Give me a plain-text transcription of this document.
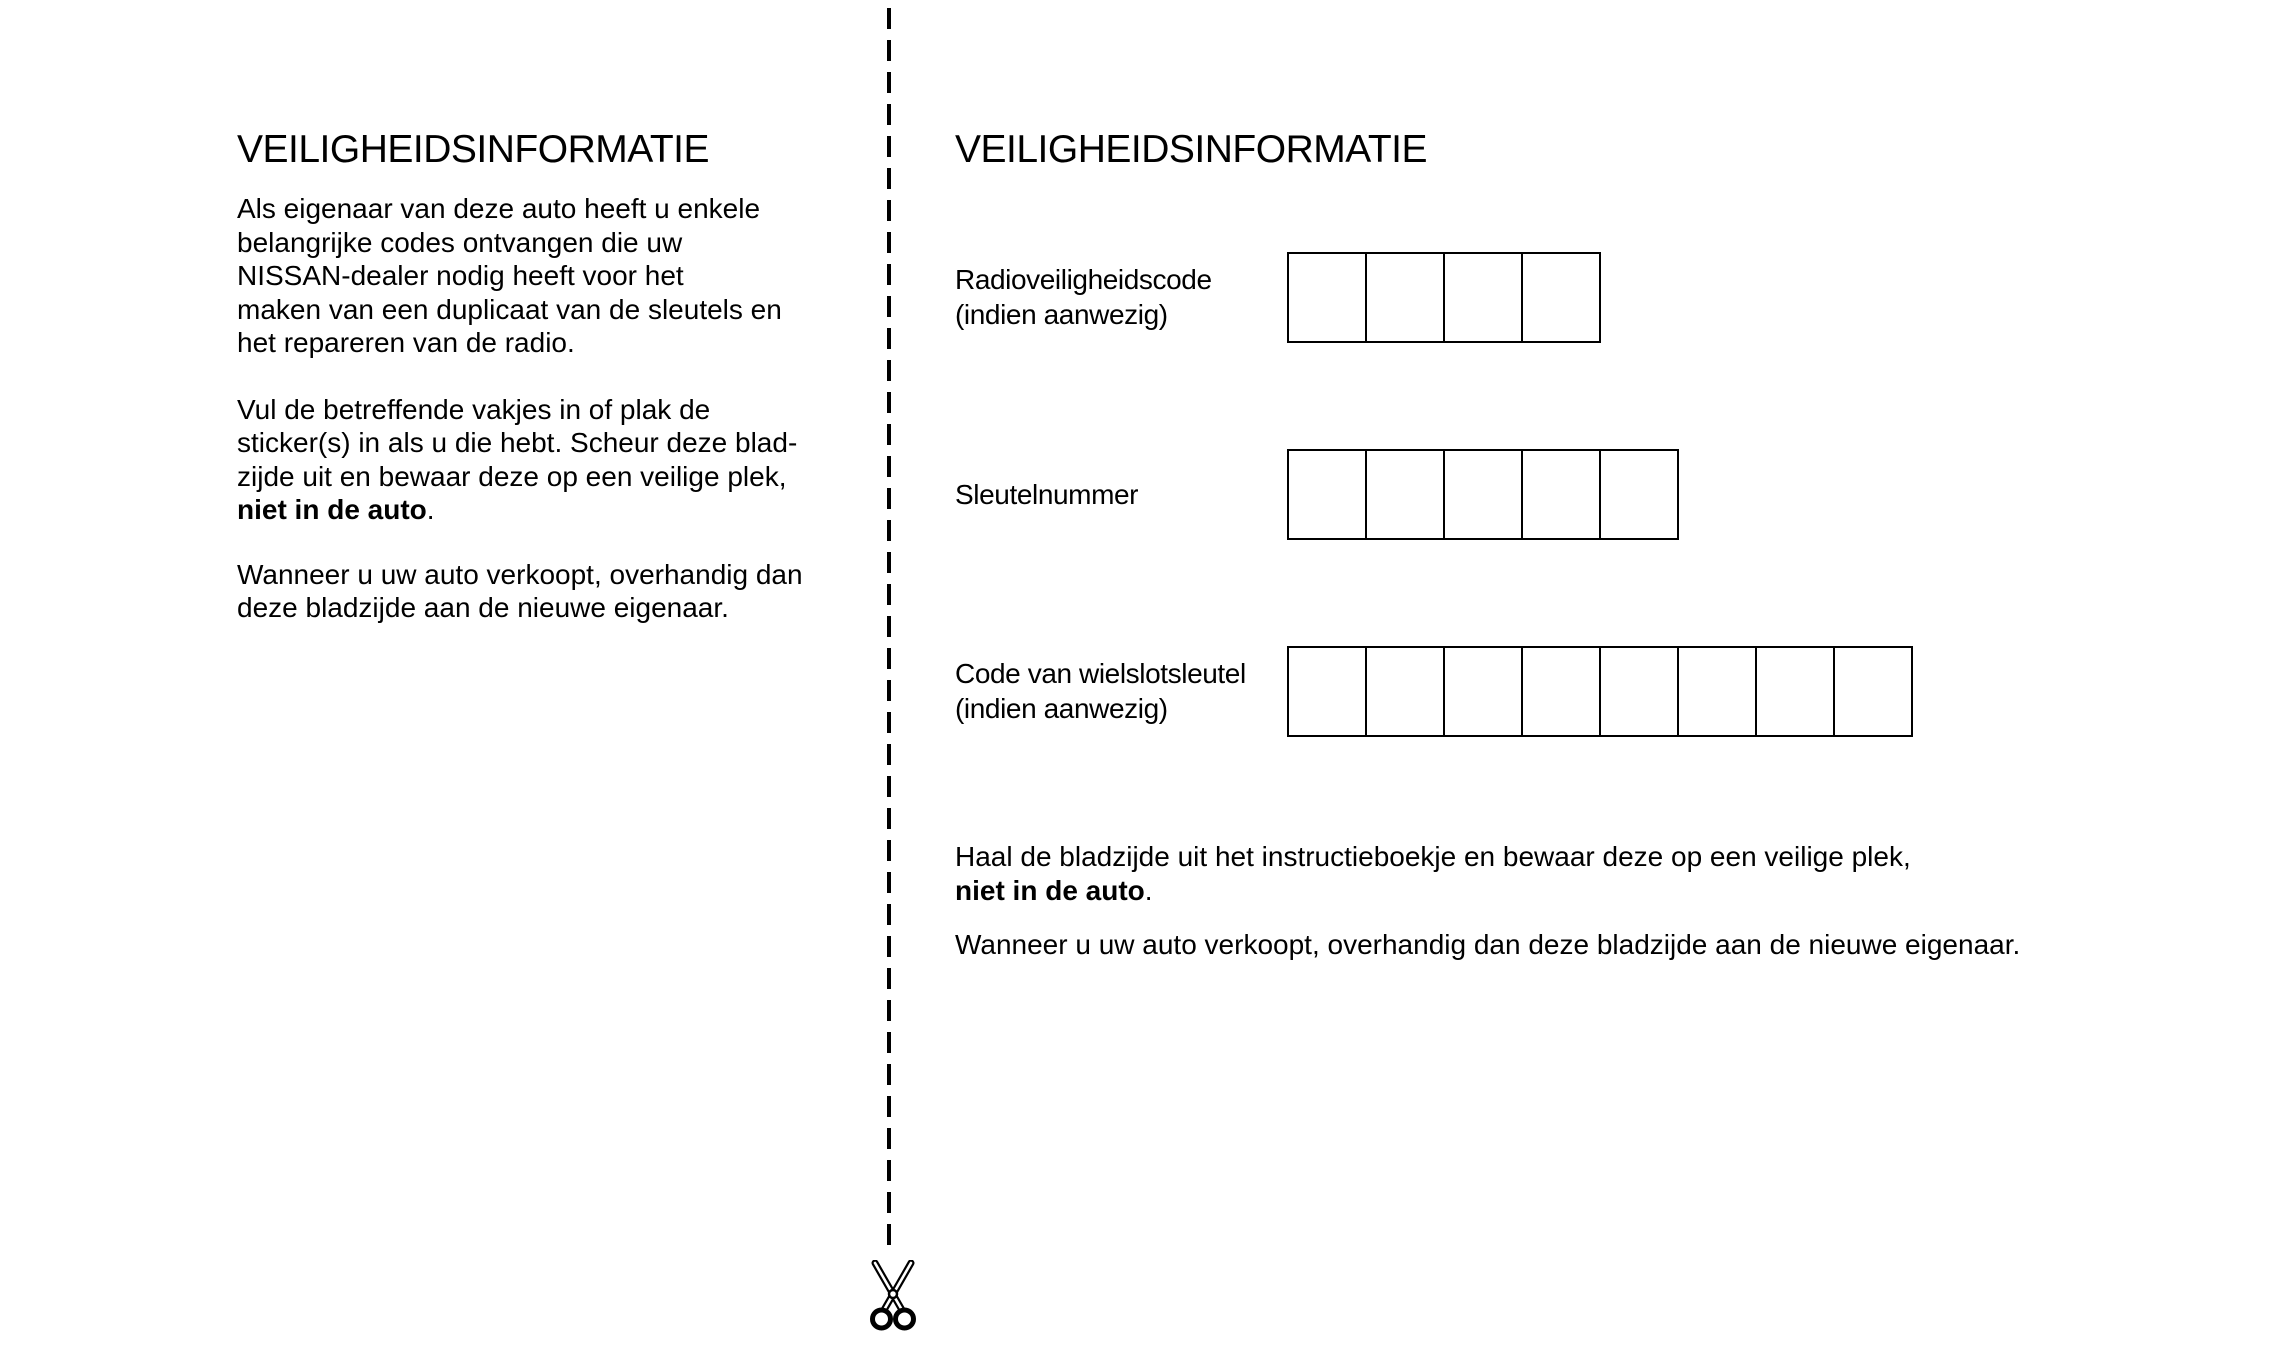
VEILIGHEIDSINFORMATIE
Als eigenaar van deze auto heeft u enkele
belangrijke codes ontvangen die uw
NISSAN-dealer nodig heeft voor het
maken van een duplicaat van de sleutels en
het repareren van de radio.
Vul de betreffende vakjes in of plak de
sticker(s) in als u die hebt. Scheur deze blad-
zijde uit en bewaar deze op een veilige plek,
niet in de auto.
Wanneer u uw auto verkoopt, overhandig dan
deze bladzijde aan de nieuwe eigenaar.
VEILIGHEIDSINFORMATIE
Radioveiligheidscode
(indien aanwezig)

Sleutelnummer

Code van wielslotsleutel
(indien aanwezig)

Haal de bladzijde uit het instructieboekje en bewaar deze op een veilige plek,
niet in de auto.
Wanneer u uw auto verkoopt, overhandig dan deze bladzijde aan de nieuwe eigenaar.
